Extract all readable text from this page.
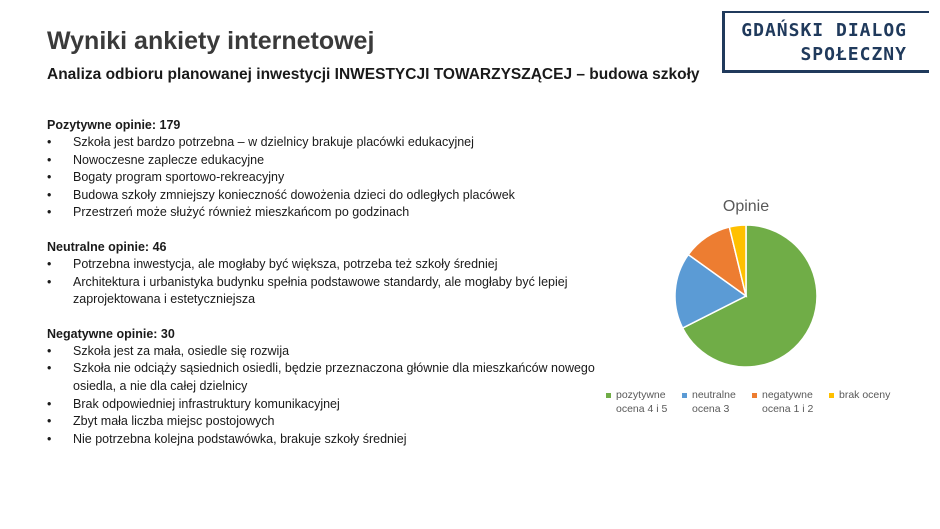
GDAŃSKI DIALOG
SPOŁECZNY
Wyniki ankiety internetowej
Analiza odbioru planowanej inwestycji INWESTYCJI TOWARZYSZĄCEJ – budowa szkoły
Pozytywne opinie: 179
• Szkoła jest bardzo potrzebna – w dzielnicy brakuje placówki edukacyjnej
• Nowoczesne zaplecze edukacyjne
• Bogaty program sportowo-rekreacyjny
• Budowa szkoły zmniejszy konieczność dowożenia dzieci do odległych placówek
• Przestrzeń może służyć również mieszkańcom po godzinach
Neutralne opinie: 46
• Potrzebna inwestycja, ale mogłaby być większa, potrzeba też szkoły średniej
• Architektura i urbanistyka budynku spełnia podstawowe standardy, ale mogłaby być lepiej zaprojektowana i estetyczniejsza
Negatywne opinie: 30
• Szkoła jest za mała, osiedle się rozwija
• Szkoła nie odciąży sąsiednich osiedli, będzie przeznaczona głównie dla mieszkańców nowego osiedla, a nie dla całej dzielnicy
• Brak odpowiedniej infrastruktury komunikacyjnej
• Zbyt mała liczba miejsc postojowych
• Nie potrzebna kolejna podstawówka, brakuje szkoły średniej
Opinie
pozytywne ocena 4 i 5
neutralne ocena 3
negatywne ocena 1 i 2
brak oceny
